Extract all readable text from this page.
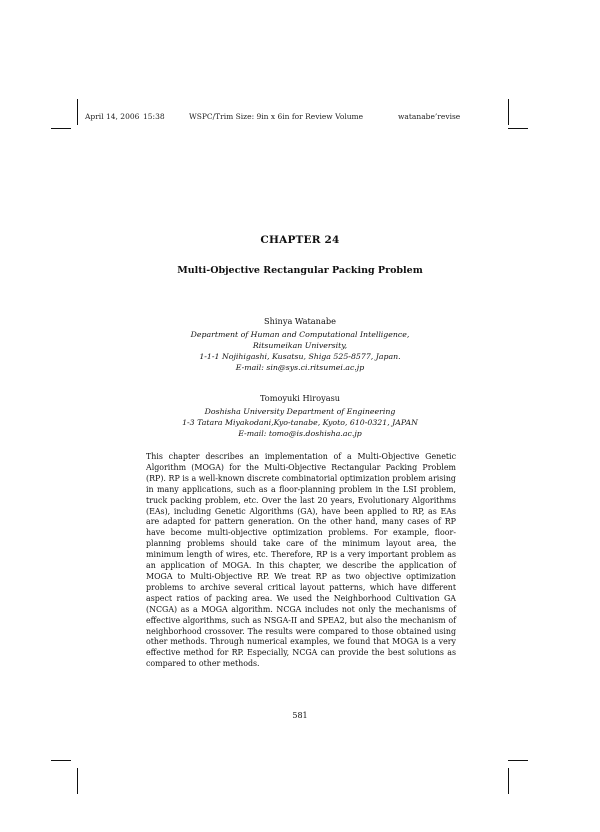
April 14, 2006 15:38	WSPC/Trim Size: 9in x 6in for Review Volume	watanabe’revise
CHAPTER 24
Multi-Objective Rectangular Packing Problem
Shinya Watanabe
Department of Human and Computational Intelligence,
Ritsumeikan University,
1-1-1 Nojihigashi, Kusatsu, Shiga 525-8577, Japan.
E-mail: sin@sys.ci.ritsumei.ac.jp
Tomoyuki Hiroyasu
Doshisha University Department of Engineering
1-3 Tatara Miyakodani,Kyo-tanabe, Kyoto, 610-0321, JAPAN
E-mail: tomo@is.doshisha.ac.jp
This chapter describes an implementation of a Multi-Objective Genetic Algorithm (MOGA) for the Multi-Objective Rectangular Packing Problem (RP). RP is a well-known discrete combinatorial optimization problem arising in many applications, such as a floor-planning problem in the LSI problem, truck packing problem, etc. Over the last 20 years, Evolutionary Algorithms (EAs), including Genetic Algorithms (GA), have been applied to RP, as EAs are adapted for pattern generation. On the other hand, many cases of RP have become multi-objective optimization problems. For example, floor-planning problems should take care of the minimum layout area, the minimum length of wires, etc. Therefore, RP is a very important problem as an application of MOGA. In this chapter, we describe the application of MOGA to Multi-Objective RP. We treat RP as two objective optimization problems to archive several critical layout patterns, which have different aspect ratios of packing area. We used the Neighborhood Cultivation GA (NCGA) as a MOGA algorithm. NCGA includes not only the mechanisms of effective algorithms, such as NSGA-II and SPEA2, but also the mechanism of neighborhood crossover. The results were compared to those obtained using other methods. Through numerical examples, we found that MOGA is a very effective method for RP. Especially, NCGA can provide the best solutions as compared to other methods.
581
